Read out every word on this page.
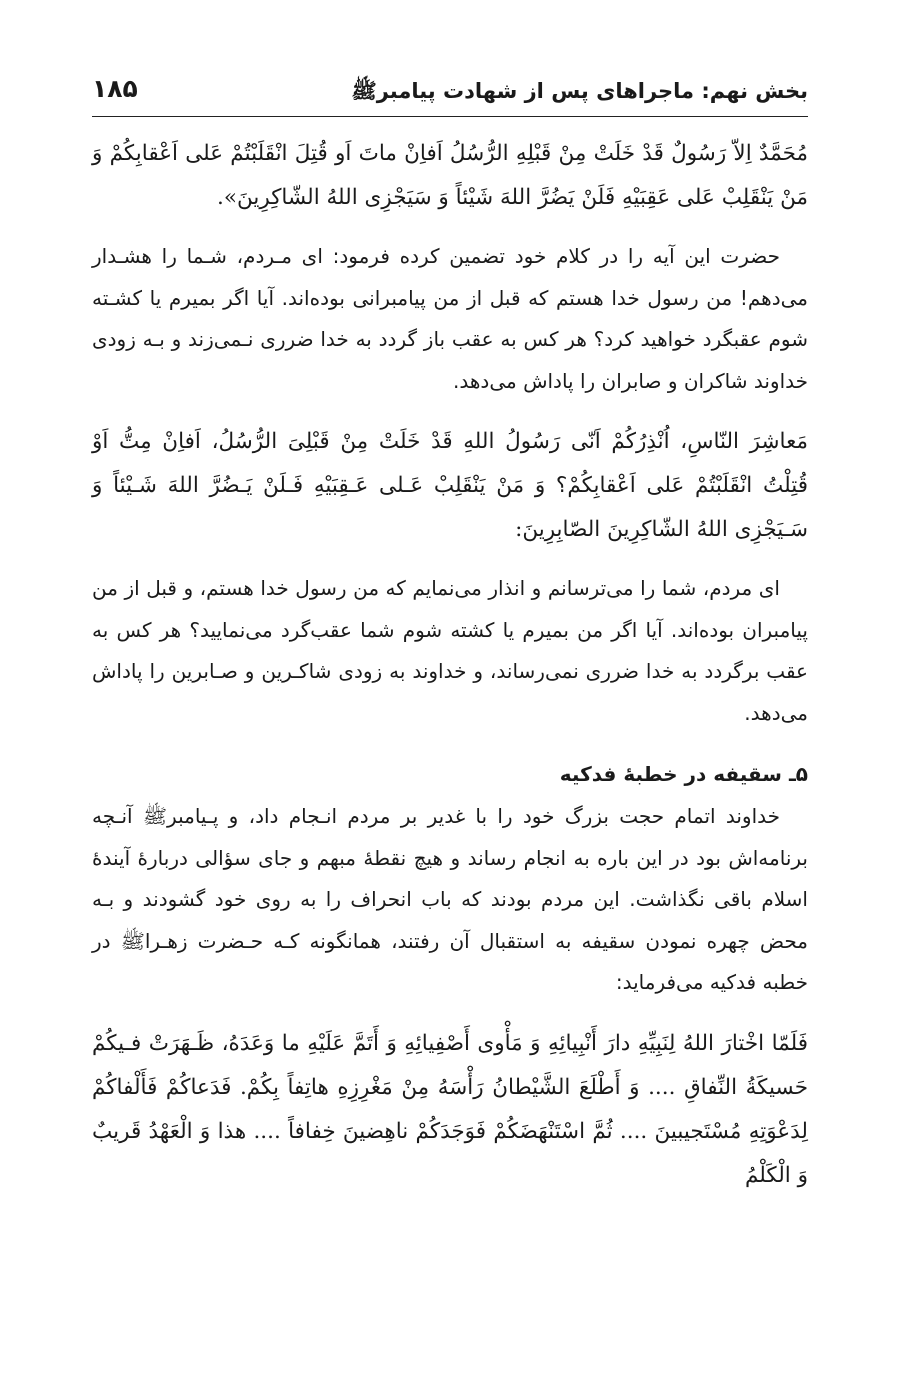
بخش نهم: ماجراهای پس از شهادت پیامبرﷺ
۱۸۵

مُحَمَّدٌ اِلاّ رَسُولٌ قَدْ خَلَتْ مِنْ قَبْلِهِ الرُّسُلُ اَفاِنْ ماتَ اَو قُتِلَ انْقَلَبْتُمْ عَلی اَعْقابِکُمْ وَ مَنْ یَنْقَلِبْ عَلی عَقِبَیْهِ فَلَنْ یَضُرَّ اللهَ شَیْئاً وَ سَیَجْزِی اللهُ الشّاکِرِینَ».

حضرت این آیه را در کلام خود تضمین کرده فرمود: ای مـردم، شـما را هشـدار می‌دهم! من رسول خدا هستم که قبل از من پیامبرانی بوده‌اند. آیا اگر بمیرم یا کشـته شوم عقبگرد خواهید کرد؟ هر کس به عقب باز گردد به خدا ضرری نـمی‌زند و بـه زودی خداوند شاکران و صابران را پاداش می‌دهد.

مَعاشِرَ النّاسِ، اُنْذِرُکُمْ اَنّی رَسُولُ اللهِ قَدْ خَلَتْ مِنْ قَبْلِیَ الرُّسُلُ، اَفاِنْ مِتُّ اَوْ قُتِلْتُ انْقَلَبْتُمْ عَلی اَعْقابِکُمْ؟ وَ مَنْ یَنْقَلِبْ عَـلی عَـقِبَیْهِ فَـلَنْ یَـضُرَّ اللهَ شَـیْئاً وَ سَـیَجْزِی اللهُ الشّاکِرِینَ الصّابِرِینَ:

ای مردم، شما را می‌ترسانم و انذار می‌نمایم که من رسول خدا هستم، و قبل از من پیامبران بوده‌اند. آیا اگر من بمیرم یا کشته شوم شما عقب‌گرد می‌نمایید؟ هر کس به عقب برگردد به خدا ضرری نمی‌رساند، و خداوند به زودی شاکـرین و صـابرین را پاداش می‌دهد.

۵ـ سقیفه در خطبهٔ فدکیه

خداوند اتمام حجت بزرگ خود را با غدیر بر مردم انـجام داد، و پـیامبرﷺ آنـچه برنامه‌اش بود در این باره به انجام رساند و هیچ نقطهٔ مبهم و جای سؤالی دربارهٔ آیندهٔ اسلام باقی نگذاشت. این مردم بودند که باب انحراف را به روی خود گشودند و بـه محض چهره نمودن سقیفه به استقبال آن رفتند، همانگونه کـه حـضرت زهـراﷺ در خطبه فدکیه می‌فرماید:

فَلَمّا اخْتارَ اللهُ لِنَبِیِّهِ دارَ أَنْبِیائِهِ وَ مَأْوی أَصْفِیائِهِ وَ أَتَمَّ عَلَیْهِ ما وَعَدَهُ، ظَـهَرَتْ فـیکُمْ حَسیکَةُ النِّفاقِ .... وَ أَطْلَعَ الشَّیْطانُ رَأْسَهُ مِنْ مَغْرِزِهِ هاتِفاً بِکُمْ. فَدَعاکُمْ فَأَلْفاکُمْ لِدَعْوَتِهِ مُسْتَجیبینَ .... ثُمَّ اسْتَنْهَضَکُمْ فَوَجَدَکُمْ ناهِضینَ خِفافاً .... هذا وَ الْعَهْدُ قَریبٌ وَ الْکَلْمُ
